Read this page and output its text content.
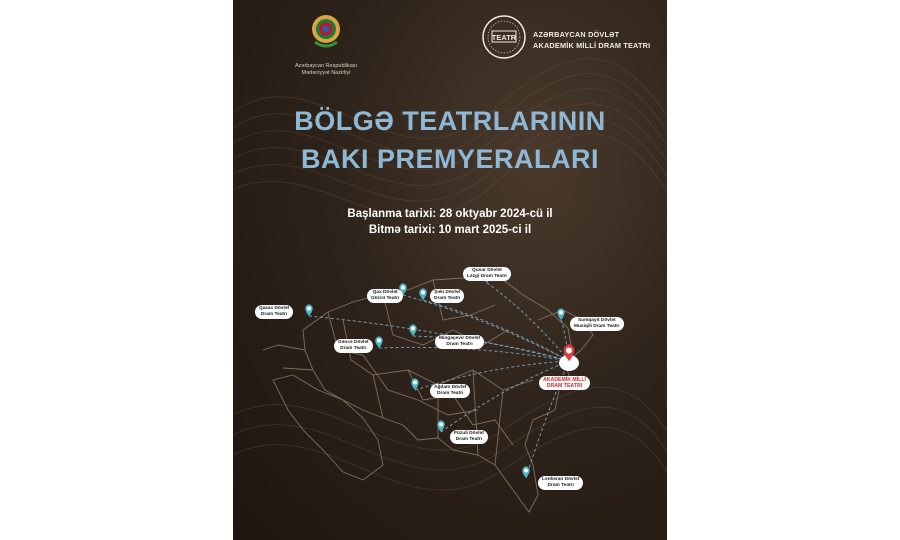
Azərbaycan Respublikası
Mədəniyyət Nazirliyi
TEATR AZƏRBAYCAN DÖVLƏT
AKADEMİK MİLLİ DRAM TEATRI
BÖLGƏ TEATRLARININ
BAKI PREMYERALARI
Başlanma tarixi: 28 oktyabr 2024-cü il
Bitmə tarixi: 10 mart 2025-ci il
Qusar Dövlət
Ləzgi Dram Teatrı
Qax Dövlət
Gürcü Teatrı
Şəki Dövlət
Dram Teatrı
Qazax Dövlət
Dram Teatrı
Sumqayıt Dövlət
Musiqili Dram Teatrı
Mingəçevir Dövlət
Dram Teatrı
Gəncə Dövlət
Dram Teatrı
Ağdam Dövlət
Dram Teatrı
Füzuli Dövlət
Dram Teatrı
Lənkəran Dövlət
Dram Teatrı
AKADEMİK MİLLİ
DRAM TEATRI
